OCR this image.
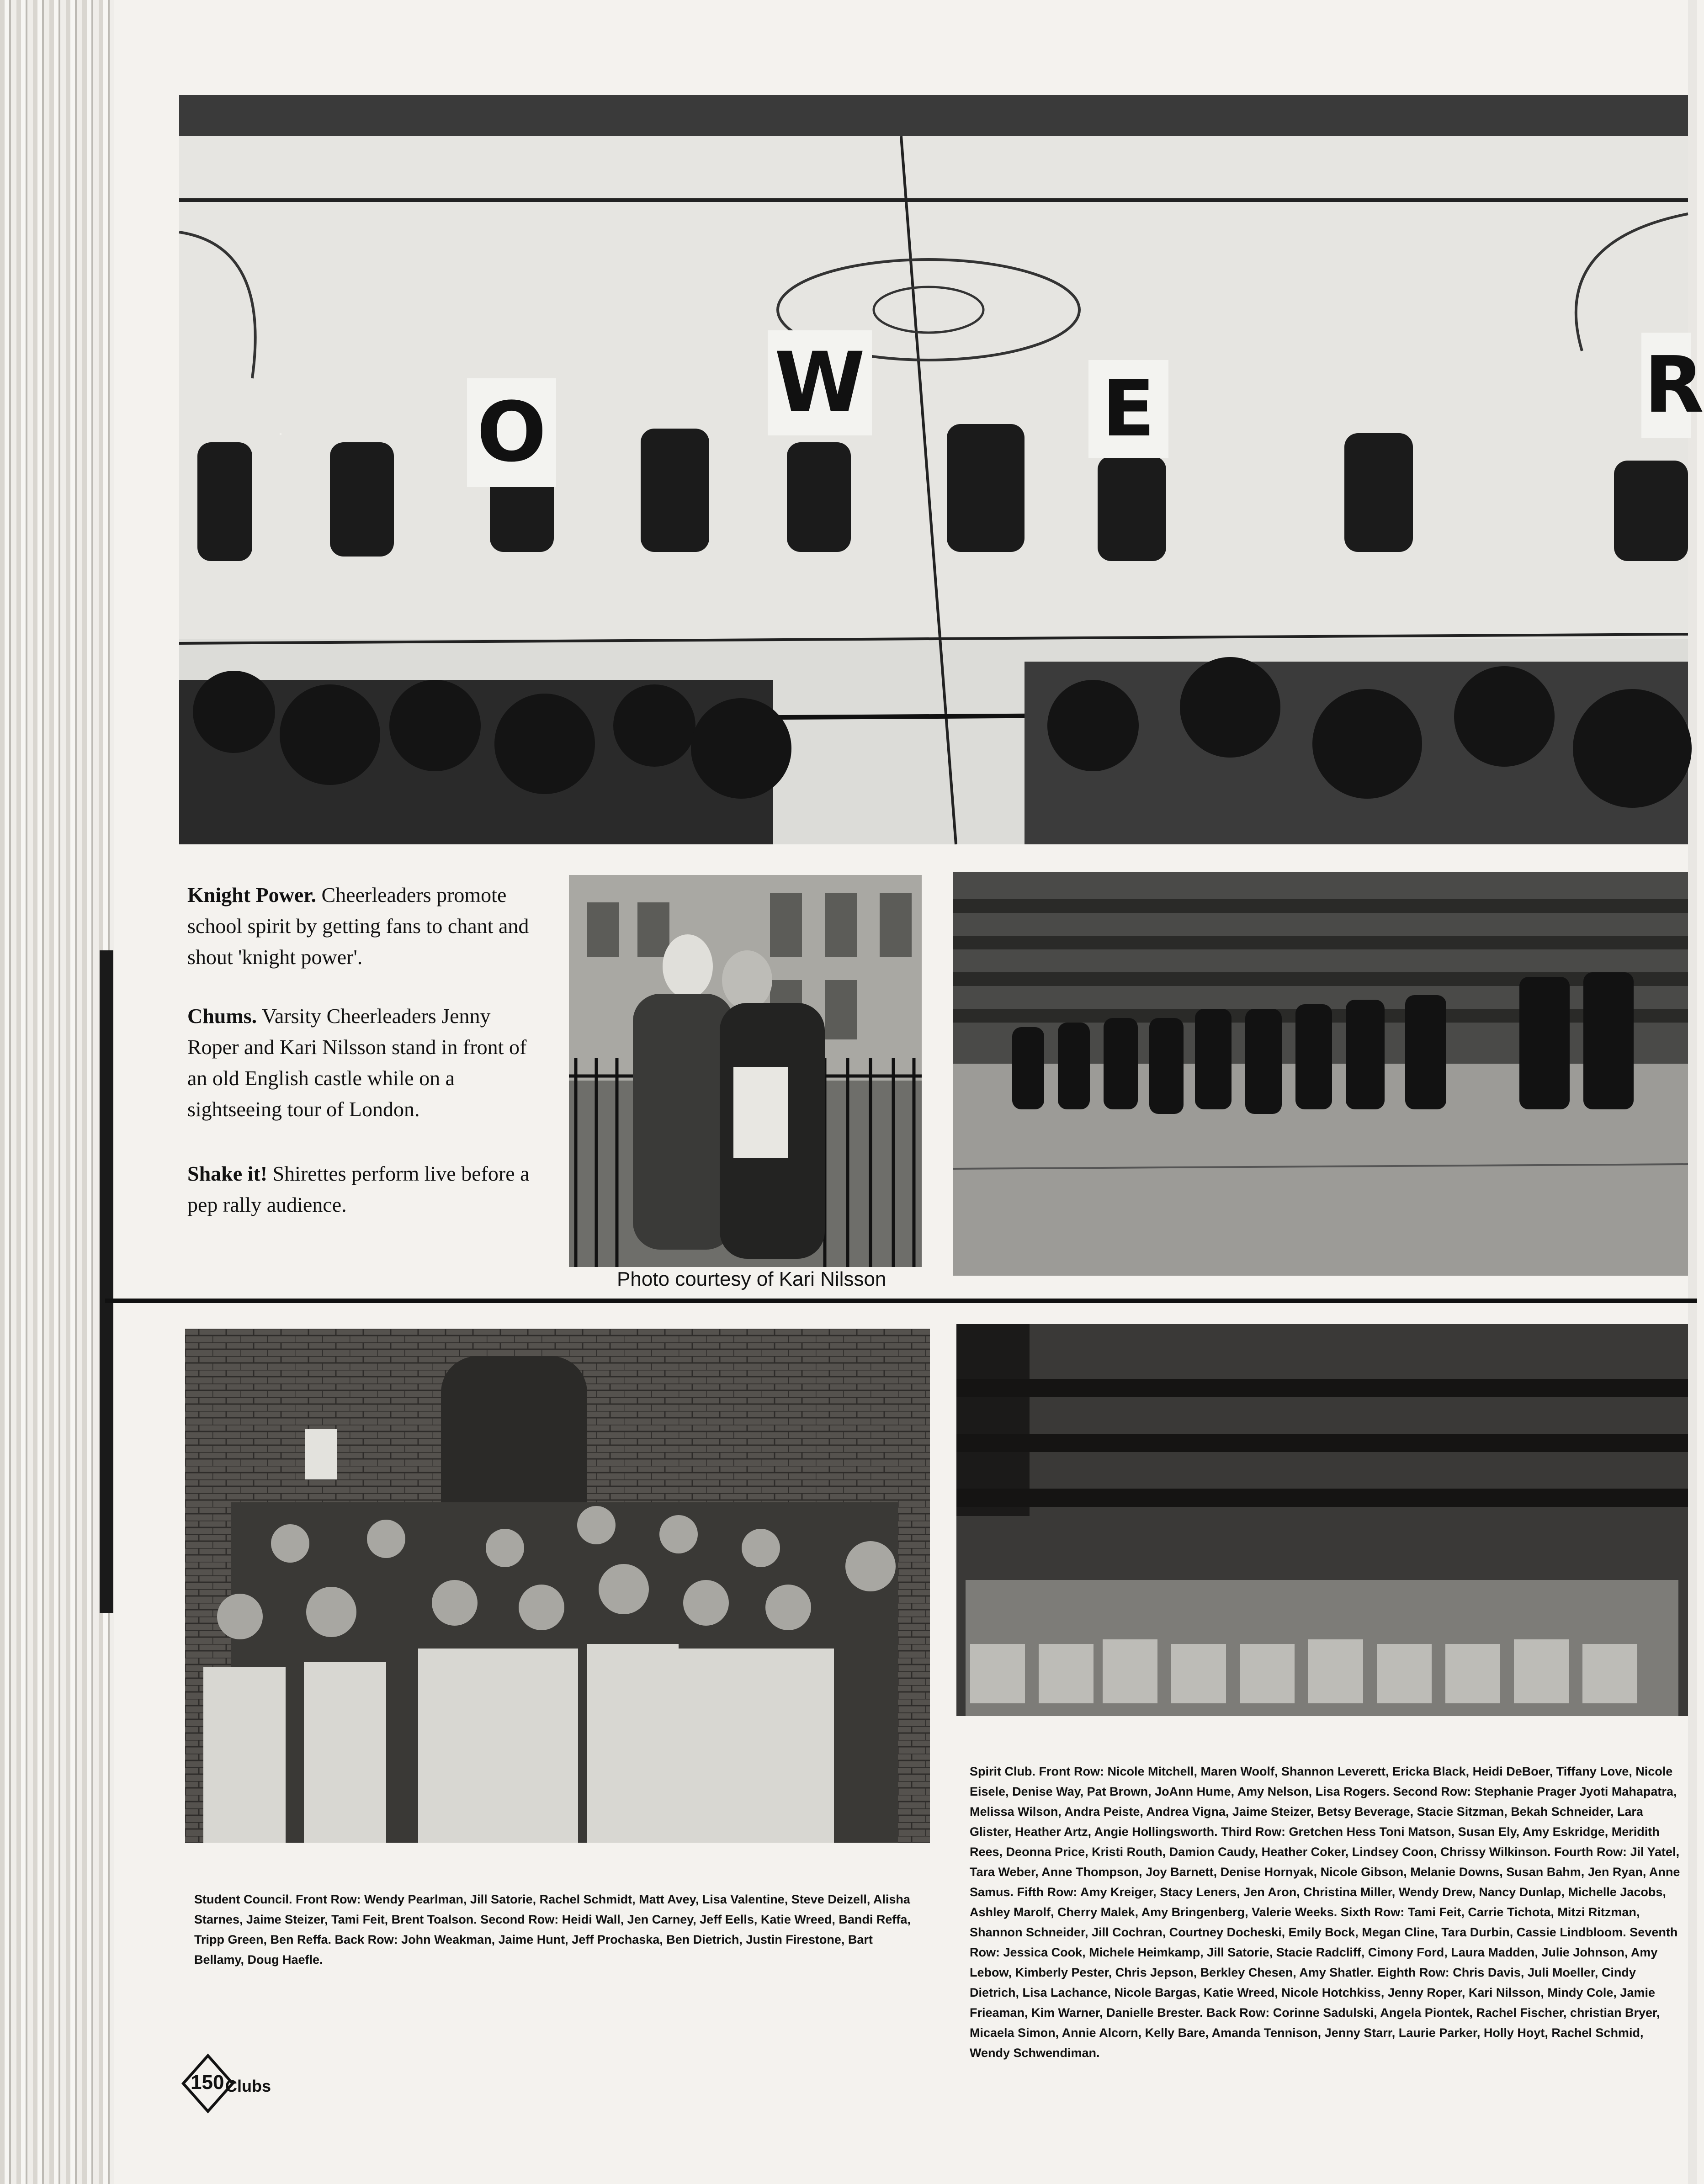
O
W	E	R
Knight Power. Cheerleaders promote school spirit by getting fans to chant and shout 'knight power'.
Chums. Varsity Cheerleaders Jenny Roper and Kari Nilsson stand in front of an old English castle while on a sightseeing tour of London.
Shake it! Shirettes perform live before a pep rally audience.
Photo courtesy of Kari Nilsson
Student Council. Front Row: Wendy Pearlman, Jill Satorie, Rachel Schmidt, Matt Avey, Lisa Valentine, Steve Deizell, Alisha Starnes, Jaime Steizer, Tami Feit, Brent Toalson. Second Row: Heidi Wall, Jen Carney, Jeff Eells, Katie Wreed, Bandi Reffa, Tripp Green, Ben Reffa. Back Row: John Weakman, Jaime Hunt, Jeff Prochaska, Ben Dietrich, Justin Firestone, Bart Bellamy, Doug Haefle.
Spirit Club. Front Row: Nicole Mitchell, Maren Woolf, Shannon Leverett, Ericka Black, Heidi DeBoer, Tiffany Love, Nicole Eisele, Denise Way, Pat Brown, JoAnn Hume, Amy Nelson, Lisa Rogers. Second Row: Stephanie Prager Jyoti Mahapatra, Melissa Wilson, Andra Peiste, Andrea Vigna, Jaime Steizer, Betsy Beverage, Stacie Sitzman, Bekah Schneider, Lara Glister, Heather Artz, Angie Hollingsworth. Third Row: Gretchen Hess Toni Matson, Susan Ely, Amy Eskridge, Meridith Rees, Deonna Price, Kristi Routh, Damion Caudy, Heather Coker, Lindsey Coon, Chrissy Wilkinson. Fourth Row: Jil Yatel, Tara Weber, Anne Thompson, Joy Barnett, Denise Hornyak, Nicole Gibson, Melanie Downs, Susan Bahm, Jen Ryan, Anne Samus. Fifth Row: Amy Kreiger, Stacy Leners, Jen Aron, Christina Miller, Wendy Drew, Nancy Dunlap, Michelle Jacobs, Ashley Marolf, Cherry Malek, Amy Bringenberg, Valerie Weeks. Sixth Row: Tami Feit, Carrie Tichota, Mitzi Ritzman, Shannon Schneider, Jill Cochran, Courtney Docheski, Emily Bock, Megan Cline, Tara Durbin, Cassie Lindbloom. Seventh Row: Jessica Cook, Michele Heimkamp, Jill Satorie, Stacie Radcliff, Cimony Ford, Laura Madden, Julie Johnson, Amy Lebow, Kimberly Pester, Chris Jepson, Berkley Chesen, Amy Shatler. Eighth Row: Chris Davis, Juli Moeller, Cindy Dietrich, Lisa Lachance, Nicole Bargas, Katie Wreed, Nicole Hotchkiss, Jenny Roper, Kari Nilsson, Mindy Cole, Jamie Frieaman, Kim Warner, Danielle Brester. Back Row: Corinne Sadulski, Angela Piontek, Rachel Fischer, christian Bryer, Micaela Simon, Annie Alcorn, Kelly Bare, Amanda Tennison, Jenny Starr, Laurie Parker, Holly Hoyt, Rachel Schmid, Wendy Schwendiman.
150 Clubs
